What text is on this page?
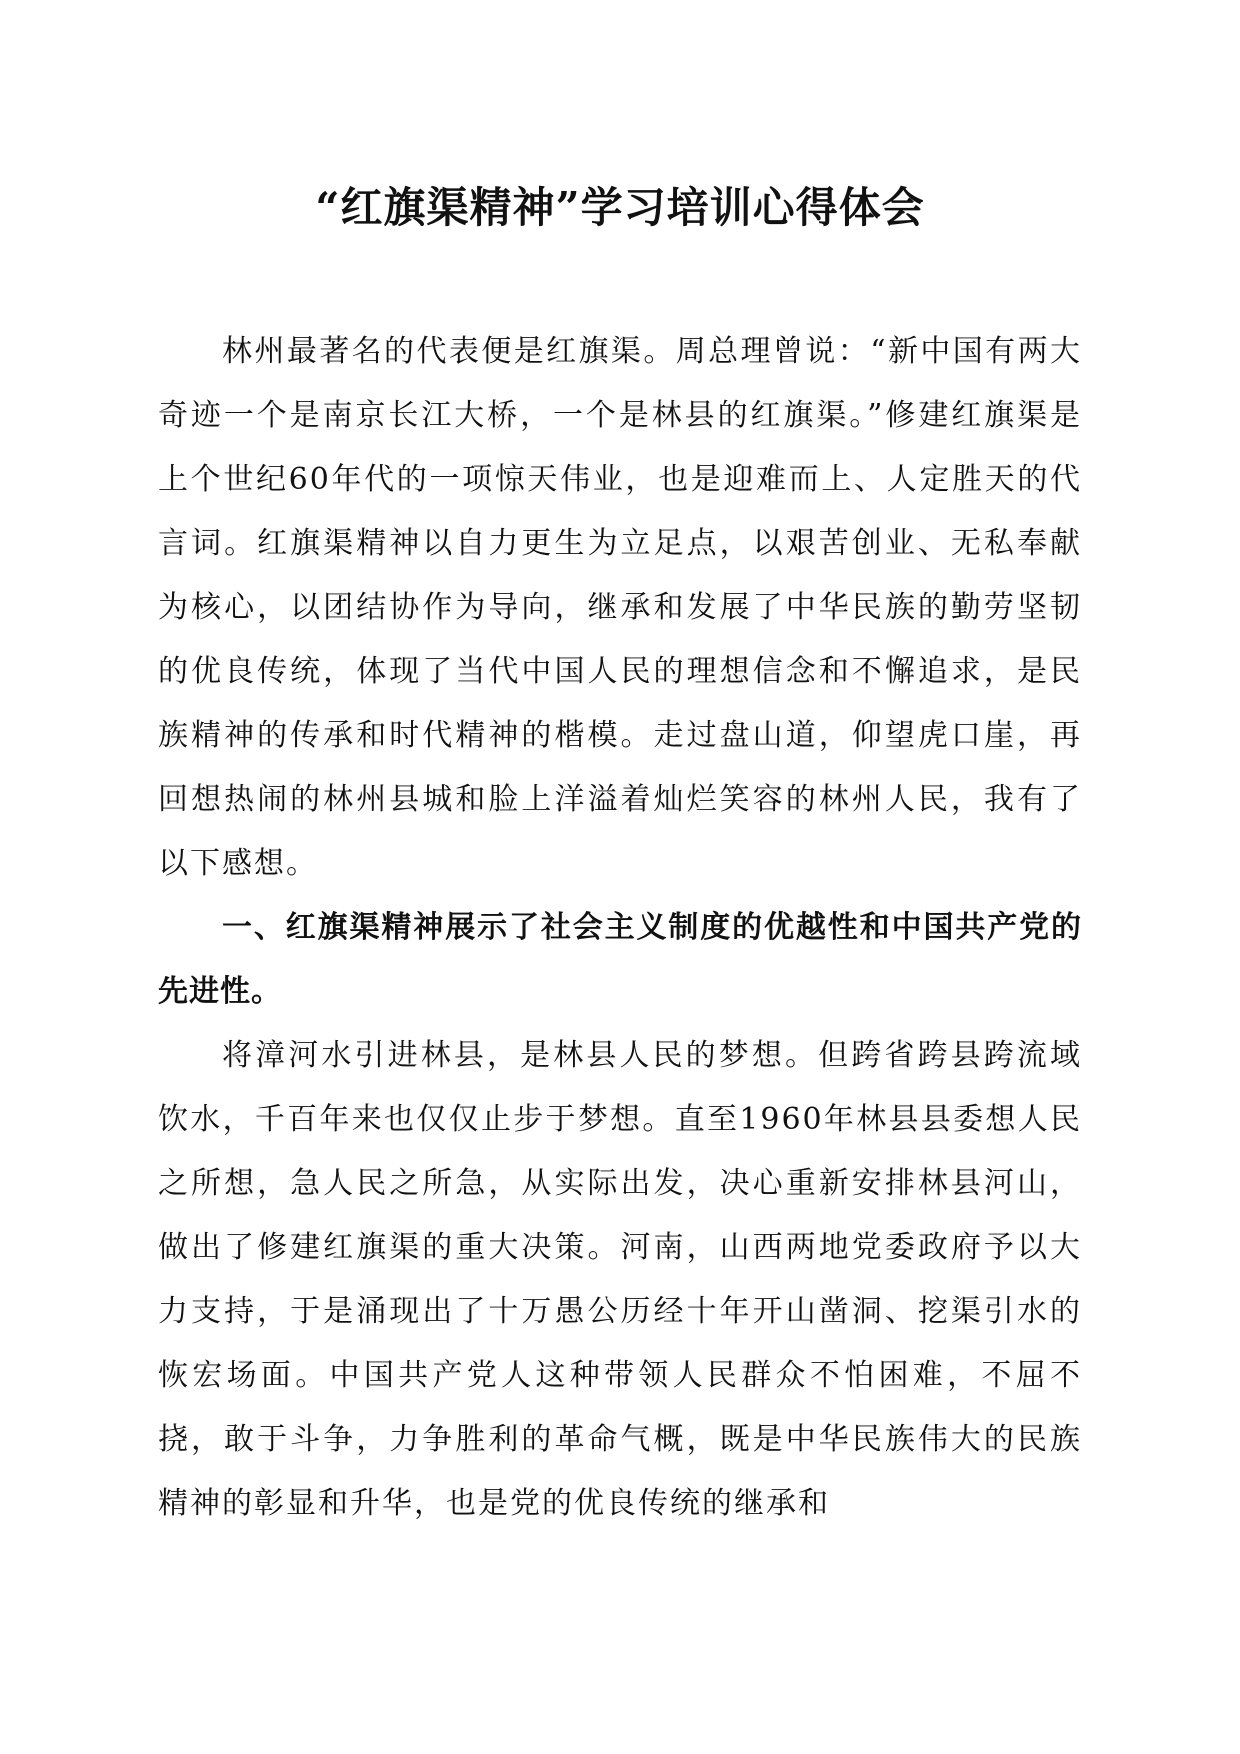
“红旗渠精神”学习培训心得体会

林州最著名的代表便是红旗渠。周总理曾说：“新中国有两大奇迹一个是南京长江大桥，一个是林县的红旗渠。”修建红旗渠是上个世纪60年代的一项惊天伟业，也是迎难而上、人定胜天的代言词。红旗渠精神以自力更生为立足点，以艰苦创业、无私奉献为核心，以团结协作为导向，继承和发展了中华民族的勤劳坚韧的优良传统，体现了当代中国人民的理想信念和不懈追求，是民族精神的传承和时代精神的楷模。走过盘山道，仰望虎口崖，再回想热闹的林州县城和脸上洋溢着灿烂笑容的林州人民，我有了以下感想。

一、红旗渠精神展示了社会主义制度的优越性和中国共产党的先进性。

将漳河水引进林县，是林县人民的梦想。但跨省跨县跨流域饮水，千百年来也仅仅止步于梦想。直至1960年林县县委想人民之所想，急人民之所急，从实际出发，决心重新安排林县河山，做出了修建红旗渠的重大决策。河南，山西两地党委政府予以大力支持，于是涌现出了十万愚公历经十年开山凿洞、挖渠引水的恢宏场面。中国共产党人这种带领人民群众不怕困难，不屈不挠，敢于斗争，力争胜利的革命气概，既是中华民族伟大的民族精神的彰显和升华，也是党的优良传统的继承和
